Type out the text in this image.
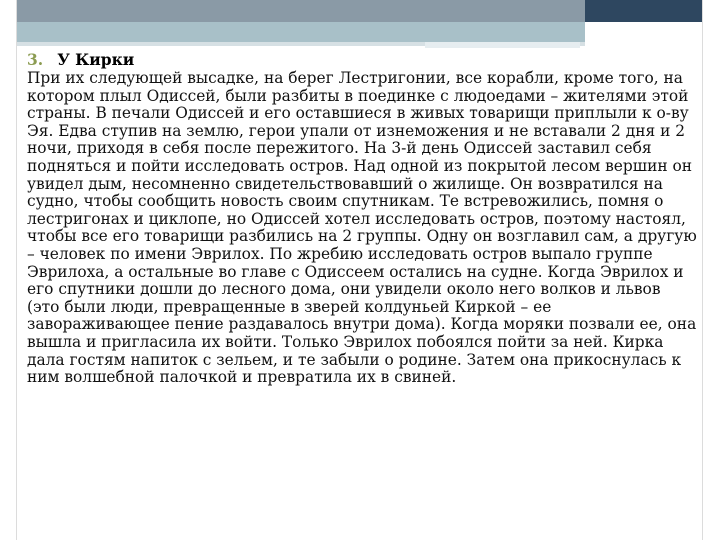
3. У Кирки

При их следующей высадке, на берег Лестригонии, все корабли, кроме того, на котором плыл Одиссей, были разбиты в поединке с людоедами – жителями этой страны. В печали Одиссей и его оставшиеся в живых товарищи приплыли к о-ву Эя. Едва ступив на землю, герои упали от изнеможения и не вставали 2 дня и 2 ночи, приходя в себя после пережитого. На 3-й день Одиссей заставил себя подняться и пойти исследовать остров. Над одной из покрытой лесом вершин он увидел дым, несомненно свидетельствовавший о жилище. Он возвратился на судно, чтобы сообщить новость своим спутникам. Те встревожились, помня о лестригонах и циклопе, но Одиссей хотел исследовать остров, поэтому настоял, чтобы все его товарищи разбились на 2 группы. Одну он возглавил сам, а другую – человек по имени Эврилох. По жребию исследовать остров выпало группе Эврилоха, а остальные во главе с Одиссеем остались на судне. Когда Эврилох и его спутники дошли до лесного дома, они увидели около него волков и львов (это были люди, превращенные в зверей колдуньей Киркой – ее завораживающее пение раздавалось внутри дома). Когда моряки позвали ее, она вышла и пригласила их войти. Только Эврилох побоялся пойти за ней. Кирка дала гостям напиток с зельем, и те забыли о родине. Затем она прикоснулась к ним волшебной палочкой и превратила их в свиней.
